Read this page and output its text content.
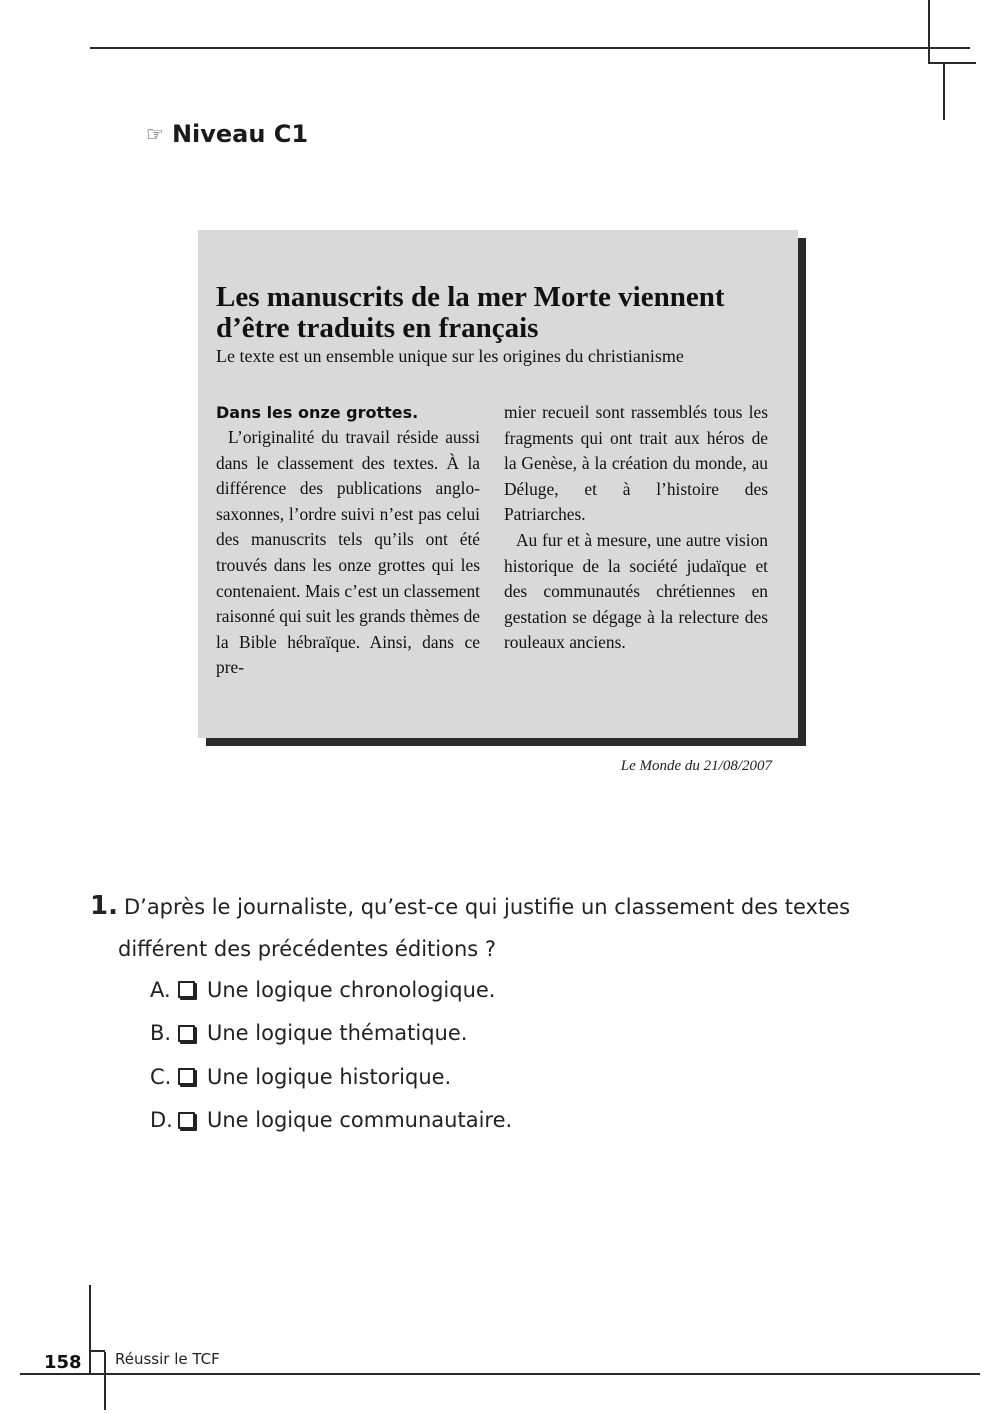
☞ Niveau C1
Les manuscrits de la mer Morte viennent d’être traduits en français
Le texte est un ensemble unique sur les origines du christianisme
Dans les onze grottes.

L’originalité du travail réside aussi dans le classement des textes. À la différence des publications anglo-saxonnes, l’ordre suivi n’est pas celui des manuscrits tels qu’ils ont été trouvés dans les onze grottes qui les contenaient. Mais c’est un classement raisonné qui suit les grands thèmes de la Bible hébraïque. Ainsi, dans ce pre-

mier recueil sont rassemblés tous les fragments qui ont trait aux héros de la Genèse, à la création du monde, au Déluge, et à l’histoire des Patriarches.

Au fur et à mesure, une autre vision historique de la société judaïque et des communautés chrétiennes en gestation se dégage à la relecture des rouleaux anciens.

Le Monde du 21/08/2007
1. D’après le journaliste, qu’est-ce qui justifie un classement des textes
différent des précédentes éditions ?
A.	Une logique chronologique.
B.	Une logique thématique.
C.	Une logique historique.
D. Une logique communautaire.
158 Réussir le TCF
